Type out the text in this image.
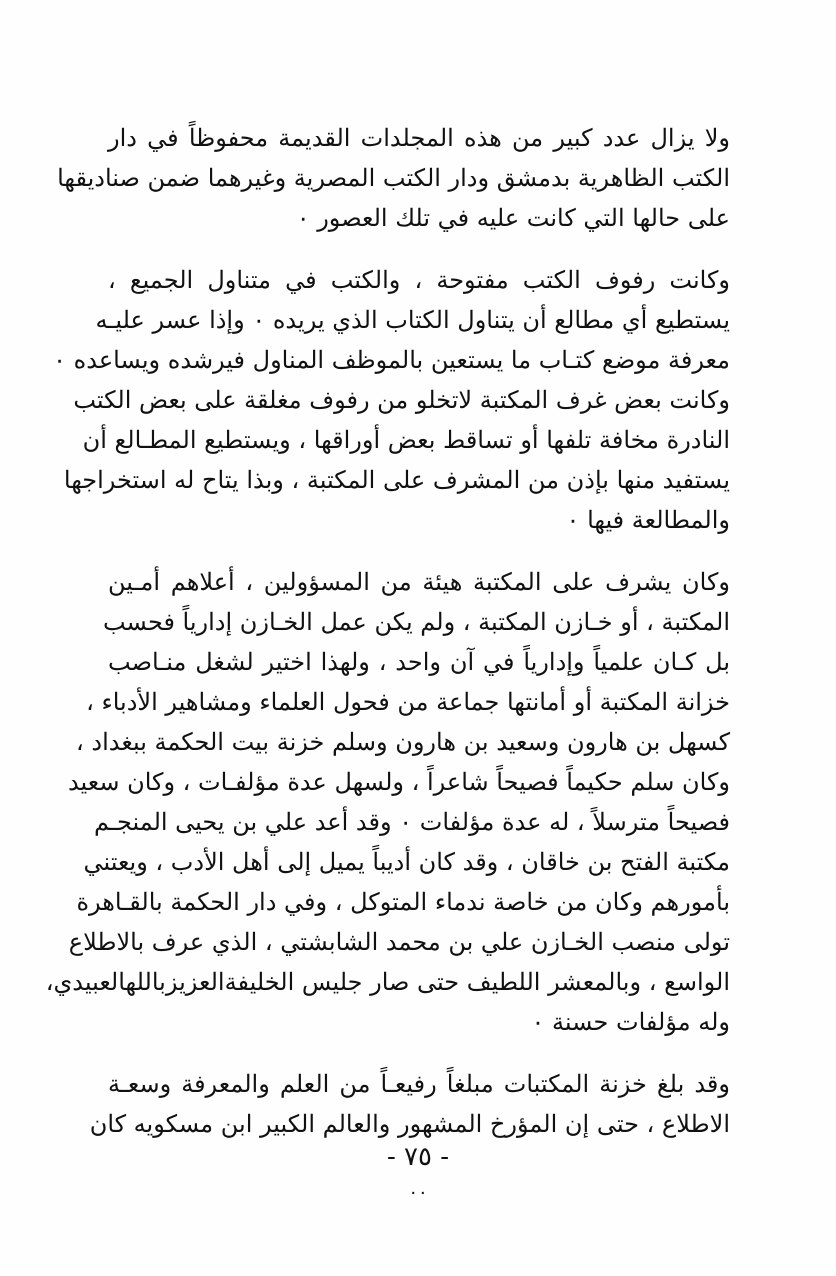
ولا يزال عدد كبير من هذه المجلدات القديمة محفوظاً في دار
الكتب الظاهرية بدمشق ودار الكتب المصرية وغيرهما ضمن صناديقها
على حالها التي كانت عليه في تلك العصور ٠
وكانت رفوف الكتب مفتوحة ، والكتب في متناول الجميع ،
يستطيع أي مطالع أن يتناول الكتاب الذي يريده ٠ وإذا عسر عليـه
معرفة موضع كتـاب ما يستعين بالموظف المناول فيرشده ويساعده ٠
وكانت بعض غرف المكتبة لاتخلو من رفوف مغلقة على بعض الكتب
النادرة مخافة تلفها أو تساقط بعض أوراقها ، ويستطيع المطـالع أن
يستفيد منها بإذن من المشرف على المكتبة ، وبذا يتاح له استخراجها
والمطالعة فيها ٠
وكان يشرف على المكتبة هيئة من المسؤولين ، أعلاهم أمـين
المكتبة ، أو خـازن المكتبة ، ولم يكن عمل الخـازن إدارياً فحسب
بل كـان علمياً وإدارياً في آن واحد ، ولهذا اختير لشغل منـاصب
خزانة المكتبة أو أمانتها جماعة من فحول العلماء ومشاهير الأدباء ،
كسهل بن هارون وسعيد بن هارون وسلم خزنة بيت الحكمة ببغداد ،
وكان سلم حكيماً فصيحاً شاعراً ، ولسهل عدة مؤلفـات ، وكان سعيد
فصيحاً مترسلاً ، له عدة مؤلفات ٠ وقد أعد علي بن يحيى المنجـم
مكتبة الفتح بن خاقان ، وقد كان أديباً يميل إلى أهل الأدب ، ويعتني
بأمورهم وكان من خاصة ندماء المتوكل ، وفي دار الحكمة بالقـاهرة
تولى منصب الخـازن علي بن محمد الشابشتي ، الذي عرف بالاطلاع
الواسع ، وبالمعشر اللطيف حتى صار جليس الخليفةالعزيزباللهالعبيدي،
وله مؤلفات حسنة ٠
وقد بلغ خزنة المكتبات مبلغاً رفيعـاً من العلم والمعرفة وسعـة
الاطلاع ، حتى إن المؤرخ المشهور والعالم الكبير ابن مسكويه كان
- ٧٥ -
٠٠
